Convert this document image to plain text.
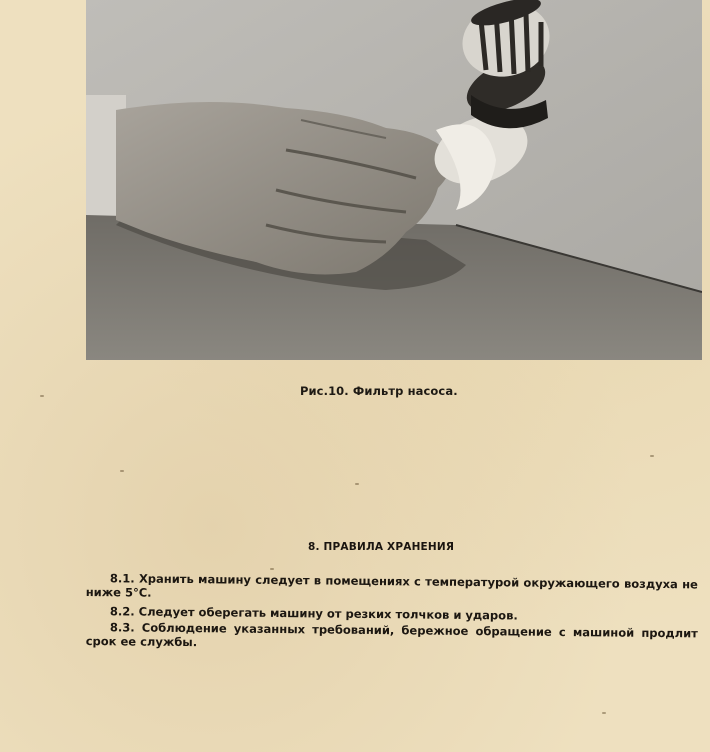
Рис.10. Фильтр насоса.
8. ПРАВИЛА ХРАНЕНИЯ
8.1. Хранить машину следует в помещениях с температурой окружающего воздуха не ниже 5°С.
8.2. Следует оберегать машину от резких толчков и ударов.
8.3. Соблюдение указанных требований, бережное обращение с машиной продлит срок ее службы.
